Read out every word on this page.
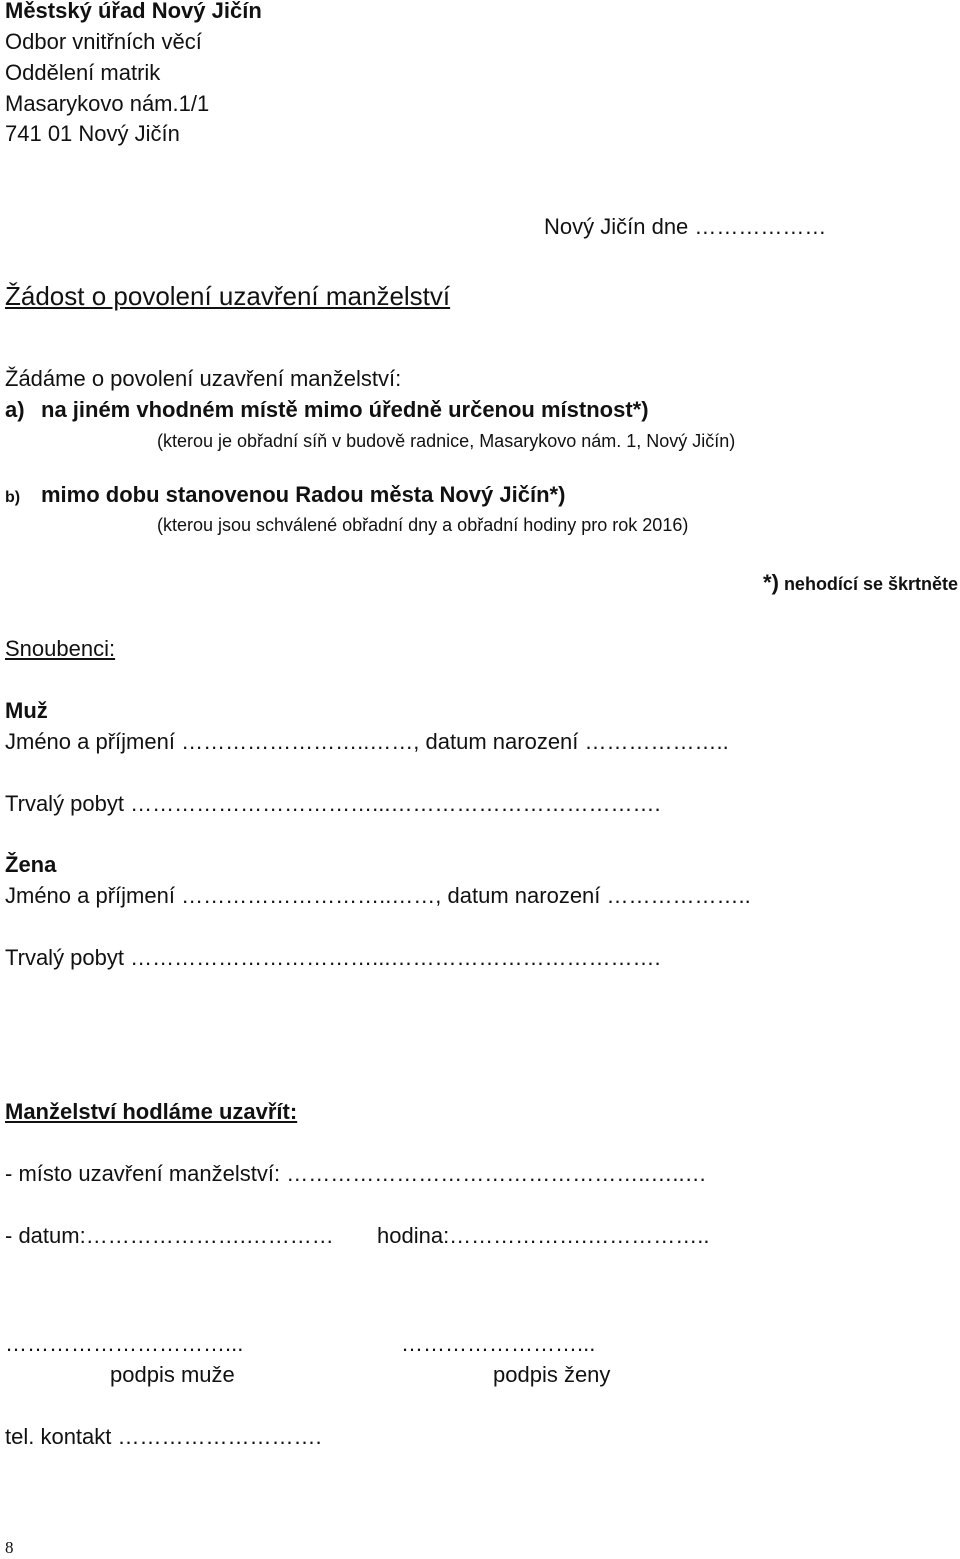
Městský úřad Nový Jičín
Odbor vnitřních věcí
Oddělení matrik
Masarykovo nám.1/1
741 01 Nový Jičín
Nový Jičín dne ………………
Žádost o povolení uzavření manželství
Žádáme o povolení uzavření manželství:
a) na jiném vhodném místě mimo úředně určenou místnost*)
(kterou je obřadní síň v budově radnice, Masarykovo nám. 1, Nový Jičín)
b) mimo dobu stanovenou Radou města Nový Jičín*)
(kterou jsou schválené obřadní dny a obřadní hodiny pro rok 2016)
*) nehodící se škrtněte
Snoubenci:
Muž
Jméno a příjmení ……………………..……, datum narození ………………..
Trvalý pobyt ……………………………...……………………………….
Žena
Jméno a příjmení ………………………..……, datum narození ………………..
Trvalý pobyt ……………………………...……………………………….
Manželství hodláme uzavřít:
- místo uzavření manželství: …………………………………………..…..…
- datum:………………….………… hodina:……………….……………..
…………………………...	……………………...
podpis muže	podpis ženy
tel. kontakt ……………………….
8
